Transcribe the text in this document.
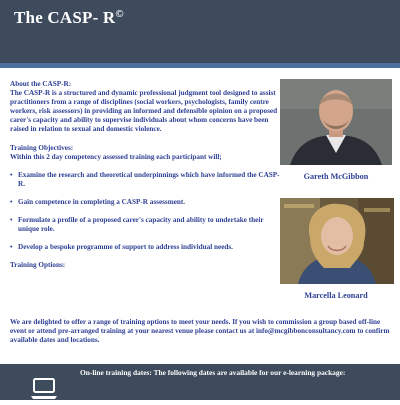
The CASP- R©

About the CASP-R:

The CASP-R is a structured and dynamic professional judgment tool designed to assist practitioners from a range of disciplines (social workers, psychologists, family centre workers, risk assessors) in providing an informed and defensible opinion on a proposed carer's capacity and ability to supervise individuals about whom concerns have been raised in relation to sexual and domestic violence.

Training Objectives:

Within this 2 day competency assessed training each participant will;

• Examine the research and theoretical underpinnings which have informed the CASP-R.
• Gain competence in completing a CASP-R assessment.
• Formulate a profile of a proposed carer's capacity and ability to undertake their unique role.
• Develop a bespoke programme of support to address individual needs.

Training Options:

We are delighted to offer a range of training options to meet your needs. If you wish to commission a group based off-line event or attend pre-arranged training at your nearest venue please contact us at info@mcgibbonconsultancy.com to confirm available dates and locations.

Gareth McGibbon
Marcella Leonard
On-line training dates: The following dates are available for our e-learning package:
